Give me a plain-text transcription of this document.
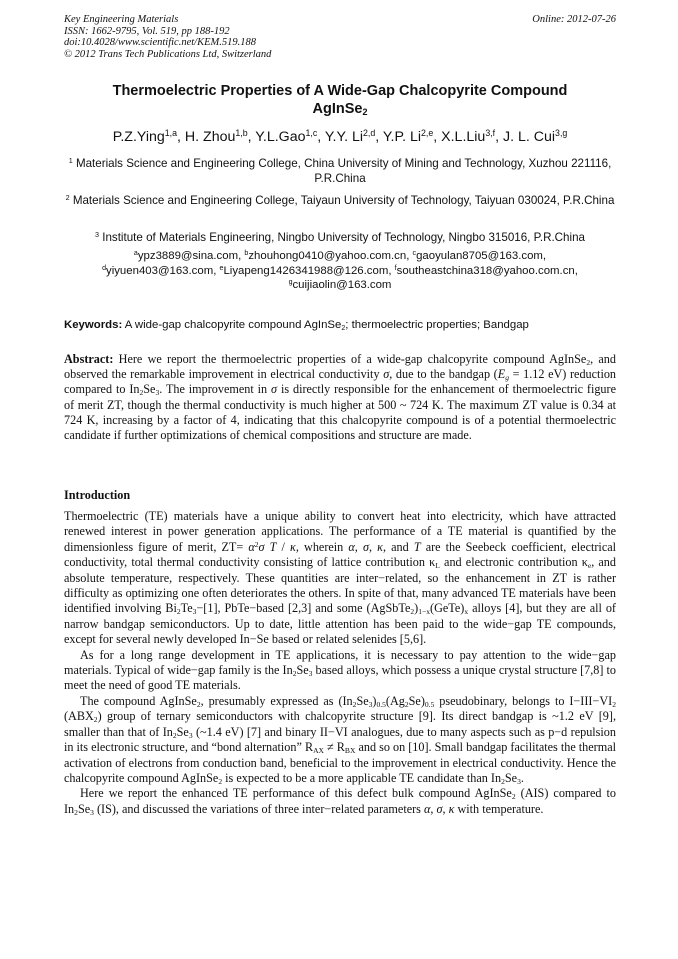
Key Engineering Materials
ISSN: 1662-9795, Vol. 519, pp 188-192
doi:10.4028/www.scientific.net/KEM.519.188
© 2012 Trans Tech Publications Ltd, Switzerland
Online: 2012-07-26
Thermoelectric Properties of A Wide-Gap Chalcopyrite Compound
AgInSe$_2$
P.Z.Ying$^{1,a}$, H. Zhou$^{1,b}$, Y.L.Gao$^{1,c}$, Y.Y. Li$^{2,d}$, Y.P. Li$^{2,e}$, X.L.Liu$^{3,f}$, J. L. Cui$^{3,g}$
$^1$ Materials Science and Engineering College, China University of Mining and Technology, Xuzhou 221116, P.R.China
$^2$ Materials Science and Engineering College, Taiyaun University of Technology, Taiyuan 030024, P.R.China
$^3$ Institute of Materials Engineering, Ningbo University of Technology, Ningbo 315016, P.R.China
$^a$ypz3889@sina.com, $^b$zhouhong0410@yahoo.com.cn, $^c$gaoyulan8705@163.com,
$^d$yiyuen403@163.com, $^e$Liyapeng1426341988@126.com, $^f$southeastchina318@yahoo.com.cn,
$^g$cuijiaolin@163.com
Keywords: A wide-gap chalcopyrite compound AgInSe$_2$; thermoelectric properties; Bandgap
Abstract: Here we report the thermoelectric properties of a wide-gap chalcopyrite compound AgInSe$_2$, and observed the remarkable improvement in electrical conductivity σ, due to the bandgap ($E_g = 1.12$ eV) reduction compared to $In_2Se_3$. The improvement in σ is directly responsible for the enhancement of thermoelectric figure of merit ZT, though the thermal conductivity is much higher at 500 ~ 724 K. The maximum ZT value is 0.34 at 724 K, increasing by a factor of 4, indicating that this chalcopyrite compound is of a potential thermoelectric candidate if further optimizations of chemical compositions and structure are made.
Introduction

Thermoelectric (TE) materials have a unique ability to convert heat into electricity, which have attracted renewed interest in power generation applications. The performance of a TE material is quantified by the dimensionless figure of merit, $ZT= \alpha^2\sigma$ T / κ, wherein α, σ, κ, and T are the Seebeck coefficient, electrical conductivity, total thermal conductivity consisting of lattice contribution $\kappa_L$ and electronic contribution $\kappa_e$, and absolute temperature, respectively. These quantities are inter−related, so the enhancement in ZT is rather difficulty as optimizing one often deteriorates the others. In spite of that, many advanced TE materials have been identified involving $Bi_2Te_3-[1]$, PbTe−based [2,3] and some $(AgSbTe_2)_{1-x}(GeTe)_x$ alloys [4], but they are all of narrow bandgap semiconductors. Up to date, little attention has been paid to the wide−gap TE compounds, except for several newly developed In−Se based or related selenides [5,6].

As for a long range development in TE applications, it is necessary to pay attention to the wide−gap materials. Typical of wide−gap family is the $In_2Se_3$ based alloys, which possess a unique crystal structure [7,8] to meet the need of good TE materials.

The compound AgInSe$_2$, presumably expressed as $(In_2Se_3)_{0.5}(Ag_2Se)_{0.5}$ pseudobinary, belongs to $I-III-VI_2$ $(ABX_2)$ group of ternary semiconductors with chalcopyrite structure [9]. Its direct bandgap is ~1.2 eV [9], smaller than that of $In_2Se_3$ (~1.4 eV) [7] and binary II−VI analogues, due to many aspects such as p−d repulsion in its electronic structure, and “bond alternation” $R_{AX} \ne R_{BX}$ and so on [10]. Small bandgap facilitates the thermal activation of electrons from conduction band, beneficial to the improvement in electrical conductivity. Hence the chalcopyrite compound AgInSe$_2$ is expected to be a more applicable TE candidate than $In_2Se_3$.

Here we report the enhanced TE performance of this defect bulk compound AgInSe$_2$ (AIS) compared to $In_2Se_3$ (IS), and discussed the variations of three inter−related parameters α, σ, κ with temperature.
